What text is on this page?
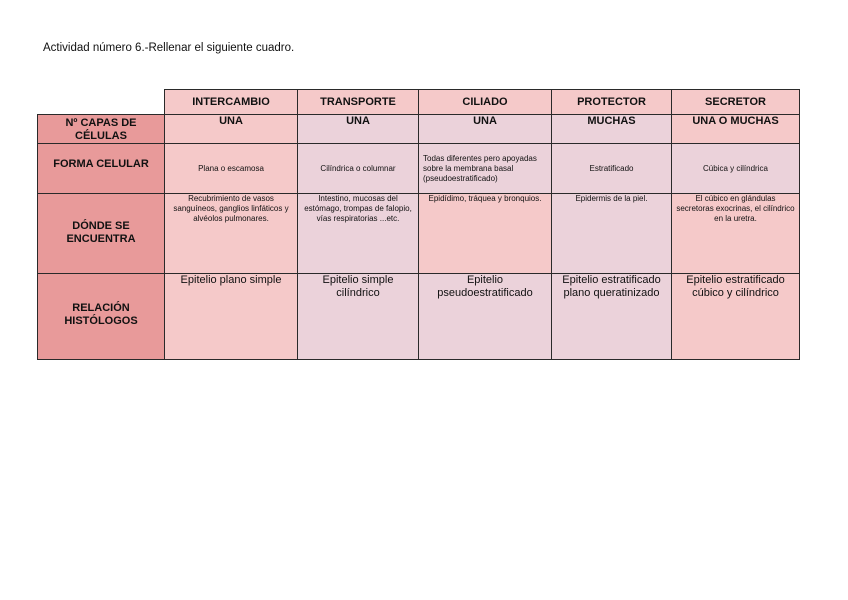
Actividad número 6.-Rellenar el siguiente cuadro.
	INTERCAMBIO	TRANSPORTE	CILIADO	PROTECTOR	SECRETOR
Nº CAPAS DE CÉLULAS	UNA	UNA	UNA	MUCHAS	UNA O MUCHAS
FORMA CELULAR	Plana o escamosa	Cilíndrica o columnar	Todas diferentes pero apoyadas sobre la membrana basal (pseudoestratificado)	Estratificado	Cúbica y cilíndrica
DÓNDE SE ENCUENTRA	Recubrimiento de vasos sanguíneos, ganglios linfáticos y alvéolos pulmonares.	Intestino, mucosas del estómago, trompas de falopio, vías respiratorias ...etc.	Epidídimo, tráquea y bronquios.	Epidermis de la piel.	El cúbico en glándulas secretoras exocrinas, el cilíndrico en la uretra.
RELACIÓN HISTÓLOGOS	Epitelio plano simple	Epitelio simple cilíndrico	Epitelio pseudoestratificado	Epitelio estratificado plano queratinizado	Epitelio estratificado cúbico y cilíndrico
